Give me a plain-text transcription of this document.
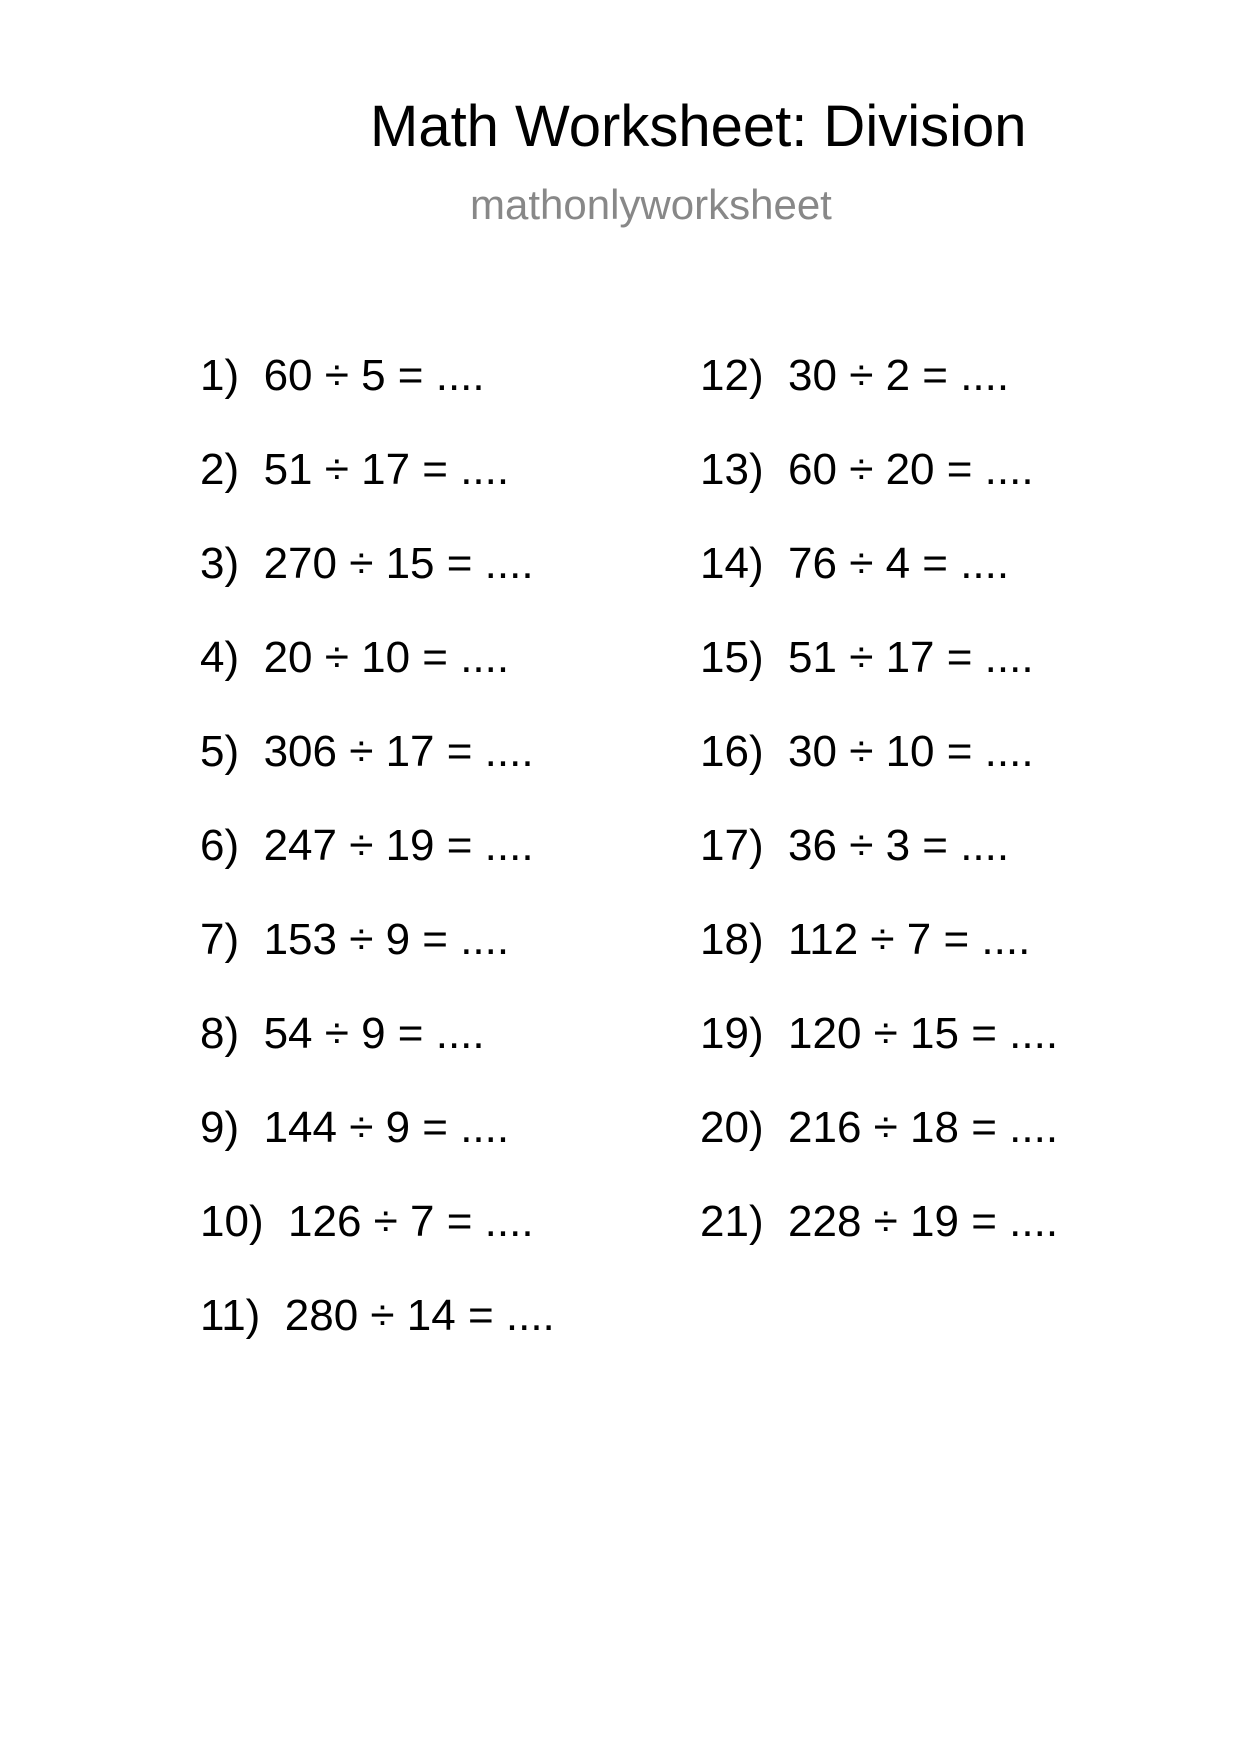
Math Worksheet: Division
mathonlyworksheet
1)  60 ÷ 5 = ....
2)  51 ÷ 17 = ....
3)  270 ÷ 15 = ....
4)  20 ÷ 10 = ....
5)  306 ÷ 17 = ....
6)  247 ÷ 19 = ....
7)  153 ÷ 9 = ....
8)  54 ÷ 9 = ....
9)  144 ÷ 9 = ....
10)  126 ÷ 7 = ....
11)  280 ÷ 14 = ....
12)  30 ÷ 2 = ....
13)  60 ÷ 20 = ....
14)  76 ÷ 4 = ....
15)  51 ÷ 17 = ....
16)  30 ÷ 10 = ....
17)  36 ÷ 3 = ....
18)  112 ÷ 7 = ....
19)  120 ÷ 15 = ....
20)  216 ÷ 18 = ....
21)  228 ÷ 19 = ....
